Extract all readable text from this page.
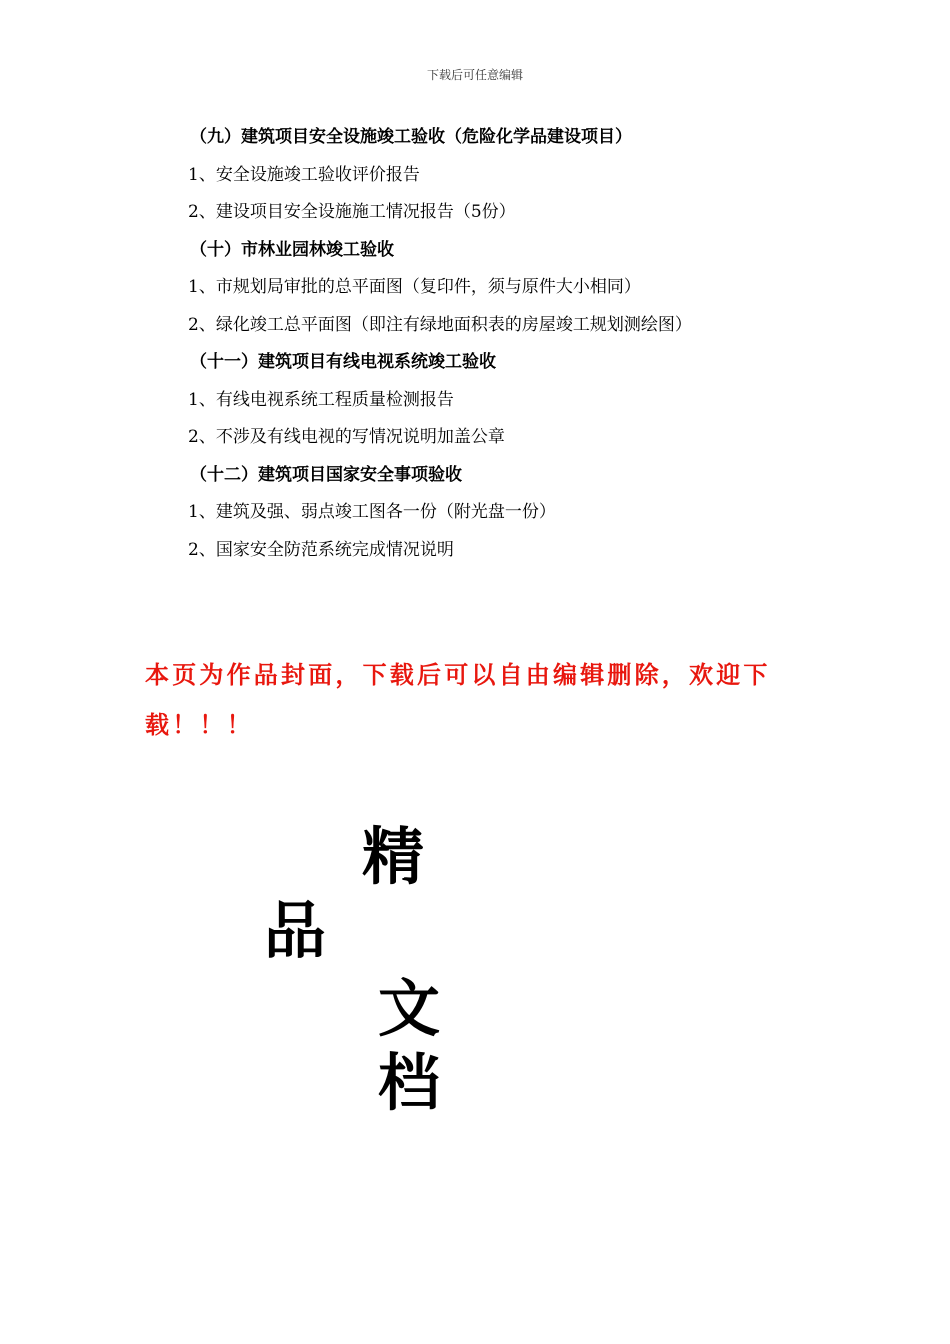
下载后可任意编辑

（九）建筑项目安全设施竣工验收（危险化学品建设项目）

1、安全设施竣工验收评价报告

2、建设项目安全设施施工情况报告（5份）

（十）市林业园林竣工验收

1、市规划局审批的总平面图（复印件，须与原件大小相同）

2、绿化竣工总平面图（即注有绿地面积表的房屋竣工规划测绘图）

（十一）建筑项目有线电视系统竣工验收

1、有线电视系统工程质量检测报告

2、不涉及有线电视的写情况说明加盖公章

（十二）建筑项目国家安全事项验收

1、建筑及强、弱点竣工图各一份（附光盘一份）

2、国家安全防范系统完成情况说明

本页为作品封面，下载后可以自由编辑删除，欢迎下载！！！
精
品
文
档
